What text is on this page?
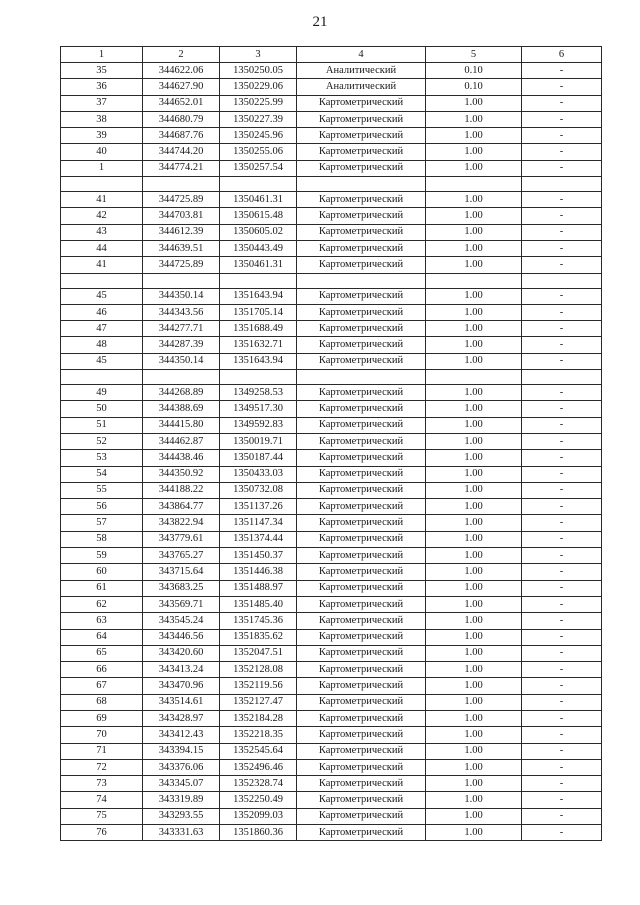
21
1	2	3	4	5	6
35	344622.06	1350250.05	Аналитический	0.10	-
36	344627.90	1350229.06	Аналитический	0.10	-
37	344652.01	1350225.99	Картометрический	1.00	-
38	344680.79	1350227.39	Картометрический	1.00	-
39	344687.76	1350245.96	Картометрический	1.00	-
40	344744.20	1350255.06	Картометрический	1.00	-
1	344774.21	1350257.54	Картометрический	1.00	-

41	344725.89	1350461.31	Картометрический	1.00	-
42	344703.81	1350615.48	Картометрический	1.00	-
43	344612.39	1350605.02	Картометрический	1.00	-
44	344639.51	1350443.49	Картометрический	1.00	-
41	344725.89	1350461.31	Картометрический	1.00	-

45	344350.14	1351643.94	Картометрический	1.00	-
46	344343.56	1351705.14	Картометрический	1.00	-
47	344277.71	1351688.49	Картометрический	1.00	-
48	344287.39	1351632.71	Картометрический	1.00	-
45	344350.14	1351643.94	Картометрический	1.00	-

49	344268.89	1349258.53	Картометрический	1.00	-
50	344388.69	1349517.30	Картометрический	1.00	-
51	344415.80	1349592.83	Картометрический	1.00	-
52	344462.87	1350019.71	Картометрический	1.00	-
53	344438.46	1350187.44	Картометрический	1.00	-
54	344350.92	1350433.03	Картометрический	1.00	-
55	344188.22	1350732.08	Картометрический	1.00	-
56	343864.77	1351137.26	Картометрический	1.00	-
57	343822.94	1351147.34	Картометрический	1.00	-
58	343779.61	1351374.44	Картометрический	1.00	-
59	343765.27	1351450.37	Картометрический	1.00	-
60	343715.64	1351446.38	Картометрический	1.00	-
61	343683.25	1351488.97	Картометрический	1.00	-
62	343569.71	1351485.40	Картометрический	1.00	-
63	343545.24	1351745.36	Картометрический	1.00	-
64	343446.56	1351835.62	Картометрический	1.00	-
65	343420.60	1352047.51	Картометрический	1.00	-
66	343413.24	1352128.08	Картометрический	1.00	-
67	343470.96	1352119.56	Картометрический	1.00	-
68	343514.61	1352127.47	Картометрический	1.00	-
69	343428.97	1352184.28	Картометрический	1.00	-
70	343412.43	1352218.35	Картометрический	1.00	-
71	343394.15	1352545.64	Картометрический	1.00	-
72	343376.06	1352496.46	Картометрический	1.00	-
73	343345.07	1352328.74	Картометрический	1.00	-
74	343319.89	1352250.49	Картометрический	1.00	-
75	343293.55	1352099.03	Картометрический	1.00	-
76	343331.63	1351860.36	Картометрический	1.00	-
